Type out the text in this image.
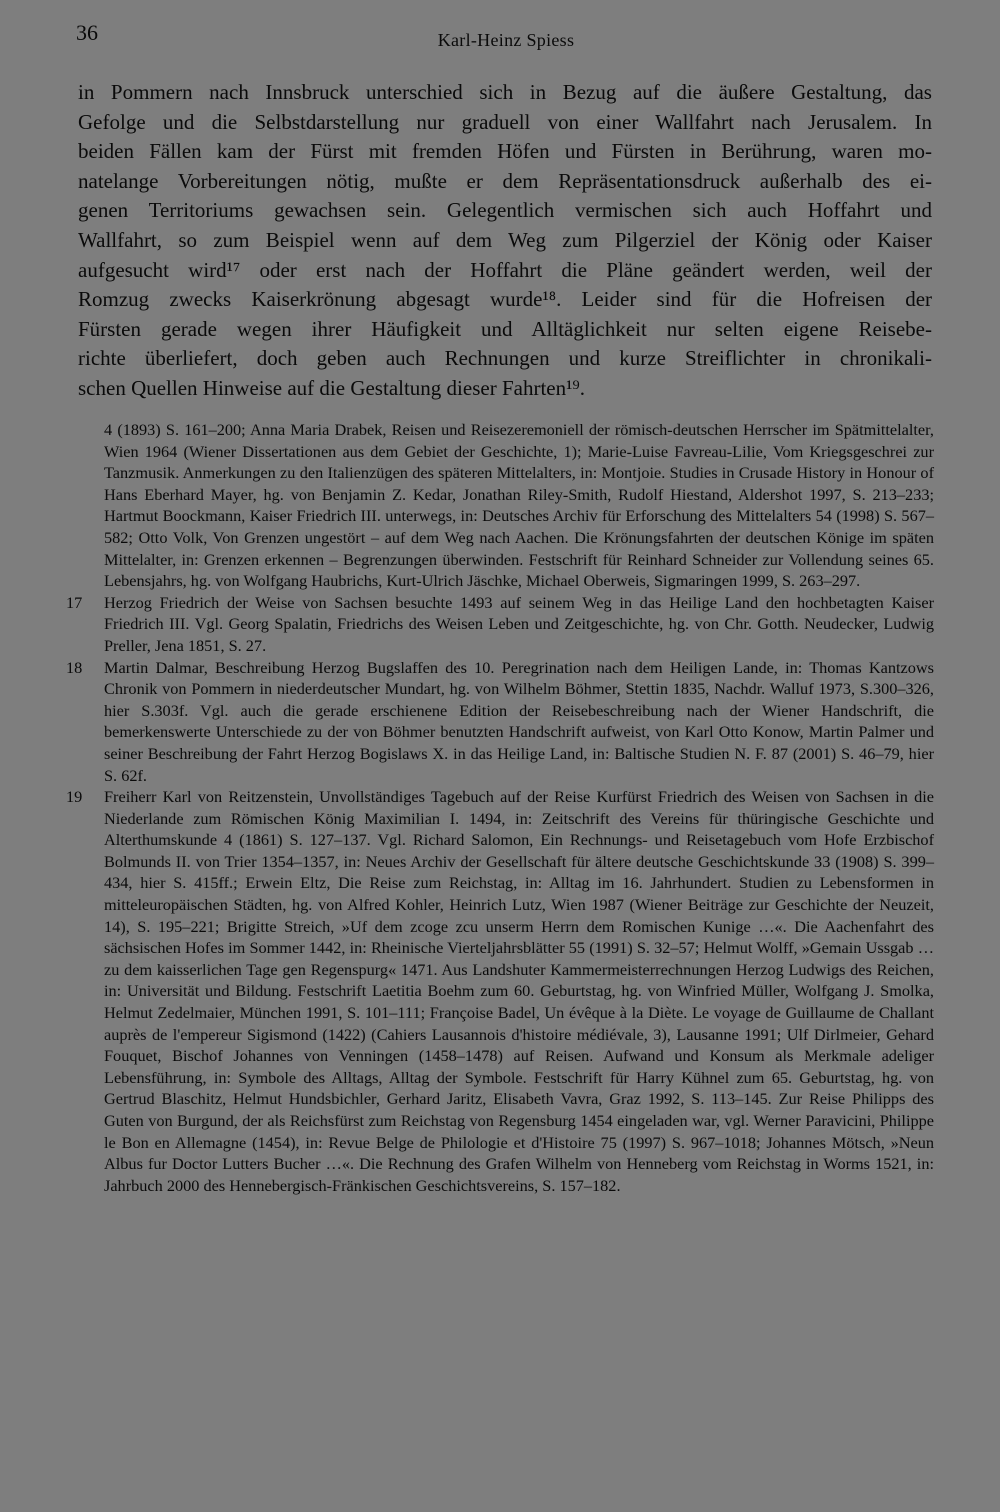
36	Karl-Heinz Spiess
in Pommern nach Innsbruck unterschied sich in Bezug auf die äußere Gestaltung, das
Gefolge und die Selbstdarstellung nur graduell von einer Wallfahrt nach Jerusalem. In
beiden Fällen kam der Fürst mit fremden Höfen und Fürsten in Berührung, waren mo-
natelange Vorbereitungen nötig, mußte er dem Repräsentationsdruck außerhalb des ei-
genen Territoriums gewachsen sein. Gelegentlich vermischen sich auch Hoffahrt und
Wallfahrt, so zum Beispiel wenn auf dem Weg zum Pilgerziel der König oder Kaiser
aufgesucht wird¹⁷ oder erst nach der Hoffahrt die Pläne geändert werden, weil der
Romzug zwecks Kaiserkrönung abgesagt wurde¹⁸. Leider sind für die Hofreisen der
Fürsten gerade wegen ihrer Häufigkeit und Alltäglichkeit nur selten eigene Reisebe-
richte überliefert, doch geben auch Rechnungen und kurze Streiflichter in chronikali-
schen Quellen Hinweise auf die Gestaltung dieser Fahrten¹⁹.
4 (1893) S. 161–200; Anna Maria Drabek, Reisen und Reisezeremoniell der römisch-deutschen Herrscher im Spätmittelalter, Wien 1964 (Wiener Dissertationen aus dem Gebiet der Geschichte, 1); Marie-Luise Favreau-Lilie, Vom Kriegsgeschrei zur Tanzmusik. Anmerkungen zu den Italienzügen des späteren Mittelalters, in: Montjoie. Studies in Crusade History in Honour of Hans Eberhard Mayer, hg. von Benjamin Z. Kedar, Jonathan Riley-Smith, Rudolf Hiestand, Aldershot 1997, S. 213–233; Hartmut Boockmann, Kaiser Friedrich III. unterwegs, in: Deutsches Archiv für Erforschung des Mittelalters 54 (1998) S. 567–582; Otto Volk, Von Grenzen ungestört – auf dem Weg nach Aachen. Die Krönungsfahrten der deutschen Könige im späten Mittelalter, in: Grenzen erkennen – Begrenzungen überwinden. Festschrift für Reinhard Schneider zur Vollendung seines 65. Lebensjahrs, hg. von Wolfgang Haubrichs, Kurt-Ulrich Jäschke, Michael Oberweis, Sigmaringen 1999, S. 263–297.
17 Herzog Friedrich der Weise von Sachsen besuchte 1493 auf seinem Weg in das Heilige Land den hochbetagten Kaiser Friedrich III. Vgl. Georg Spalatin, Friedrichs des Weisen Leben und Zeitgeschichte, hg. von Chr. Gotth. Neudecker, Ludwig Preller, Jena 1851, S. 27.
18 Martin Dalmar, Beschreibung Herzog Bugslaffen des 10. Peregrination nach dem Heiligen Lande, in: Thomas Kantzows Chronik von Pommern in niederdeutscher Mundart, hg. von Wilhelm Böhmer, Stettin 1835, Nachdr. Walluf 1973, S.300–326, hier S.303f. Vgl. auch die gerade erschienene Edition der Reisebeschreibung nach der Wiener Handschrift, die bemerkenswerte Unterschiede zu der von Böhmer benutzten Handschrift aufweist, von Karl Otto Konow, Martin Palmer und seiner Beschreibung der Fahrt Herzog Bogislaws X. in das Heilige Land, in: Baltische Studien N. F. 87 (2001) S. 46–79, hier S. 62f.
19 Freiherr Karl von Reitzenstein, Unvollständiges Tagebuch auf der Reise Kurfürst Friedrich des Weisen von Sachsen in die Niederlande zum Römischen König Maximilian I. 1494, in: Zeitschrift des Vereins für thüringische Geschichte und Alterthumskunde 4 (1861) S. 127–137. Vgl. Richard Salomon, Ein Rechnungs- und Reisetagebuch vom Hofe Erzbischof Bolmunds II. von Trier 1354–1357, in: Neues Archiv der Gesellschaft für ältere deutsche Geschichtskunde 33 (1908) S. 399–434, hier S. 415ff.; Erwein Eltz, Die Reise zum Reichstag, in: Alltag im 16. Jahrhundert. Studien zu Lebensformen in mitteleuropäischen Städten, hg. von Alfred Kohler, Heinrich Lutz, Wien 1987 (Wiener Beiträge zur Geschichte der Neuzeit, 14), S. 195–221; Brigitte Streich, »Uf dem zcoge zcu unserm Herrn dem Romischen Kunige …«. Die Aachenfahrt des sächsischen Hofes im Sommer 1442, in: Rheinische Vierteljahrsblätter 55 (1991) S. 32–57; Helmut Wolff, »Gemain Ussgab … zu dem kaisserlichen Tage gen Regenspurg« 1471. Aus Landshuter Kammermeisterrechnungen Herzog Ludwigs des Reichen, in: Universität und Bildung. Festschrift Laetitia Boehm zum 60. Geburtstag, hg. von Winfried Müller, Wolfgang J. Smolka, Helmut Zedelmaier, München 1991, S. 101–111; Françoise Badel, Un évêque à la Diète. Le voyage de Guillaume de Challant auprès de l'empereur Sigismond (1422) (Cahiers Lausannois d'histoire médiévale, 3), Lausanne 1991; Ulf Dirlmeier, Gehard Fouquet, Bischof Johannes von Venningen (1458–1478) auf Reisen. Aufwand und Konsum als Merkmale adeliger Lebensführung, in: Symbole des Alltags, Alltag der Symbole. Festschrift für Harry Kühnel zum 65. Geburtstag, hg. von Gertrud Blaschitz, Helmut Hundsbichler, Gerhard Jaritz, Elisabeth Vavra, Graz 1992, S. 113–145. Zur Reise Philipps des Guten von Burgund, der als Reichsfürst zum Reichstag von Regensburg 1454 eingeladen war, vgl. Werner Paravicini, Philippe le Bon en Allemagne (1454), in: Revue Belge de Philologie et d'Histoire 75 (1997) S. 967–1018; Johannes Mötsch, »Neun Albus fur Doctor Lutters Bucher …«. Die Rechnung des Grafen Wilhelm von Henneberg vom Reichstag in Worms 1521, in: Jahrbuch 2000 des Hennebergisch-Fränkischen Geschichtsvereins, S. 157–182.
